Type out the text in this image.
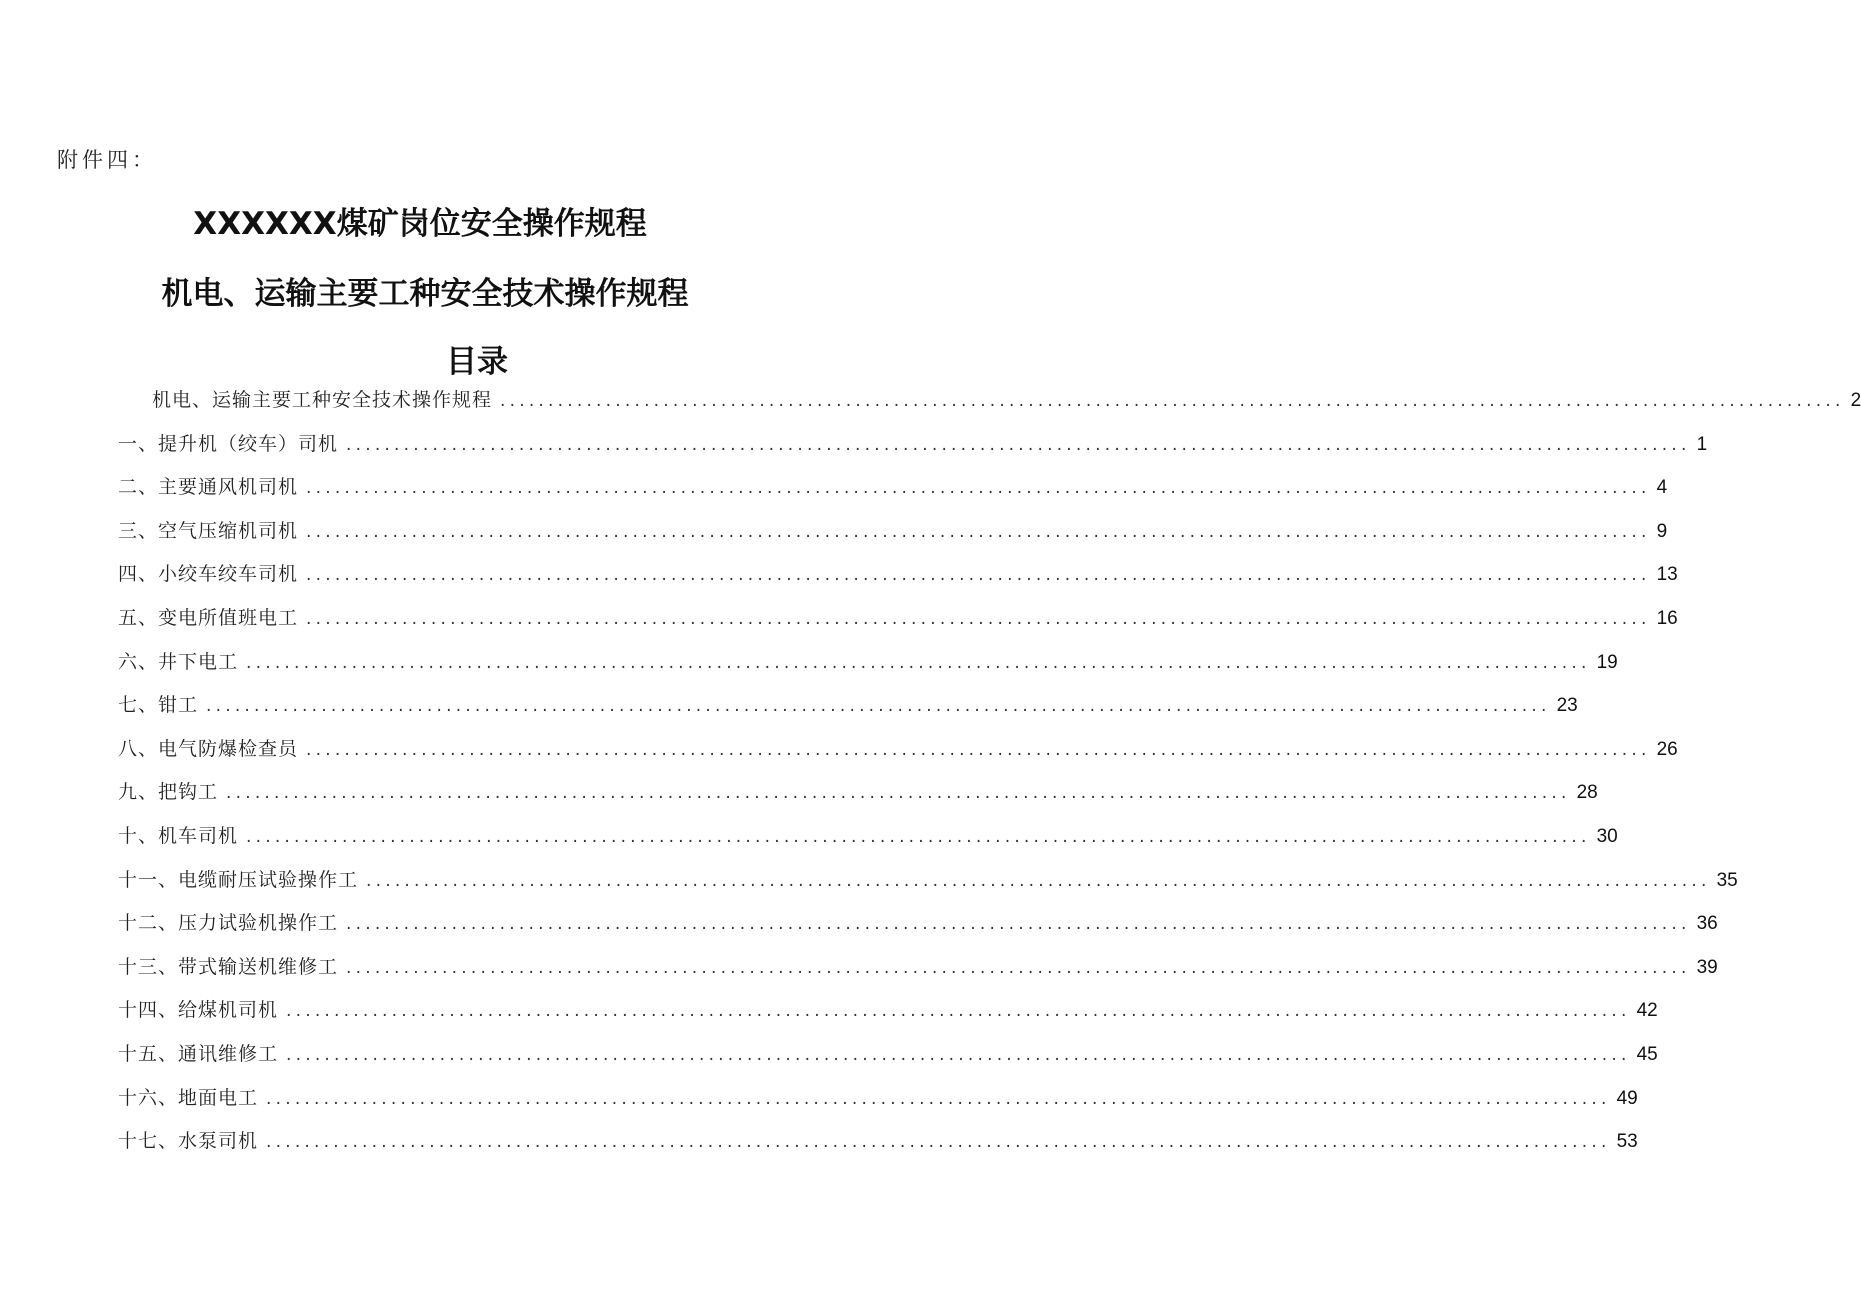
附件四：
XXXXXX煤矿岗位安全操作规程
机电、运输主要工种安全技术操作规程
目录
机电、运输主要工种安全技术操作规程 ............................................................................................................................................ 2
一、提升机（绞车）司机 ............................................................................................................................................ 1
二、主要通风机司机 ............................................................................................................................................ 4
三、空气压缩机司机 ............................................................................................................................................ 9
四、小绞车绞车司机 ............................................................................................................................................ 13
五、变电所值班电工 ............................................................................................................................................ 16
六、井下电工 ............................................................................................................................................ 19
七、钳工 ............................................................................................................................................ 23
八、电气防爆检查员 ............................................................................................................................................ 26
九、把钩工 ............................................................................................................................................ 28
十、机车司机 ............................................................................................................................................ 30
十一、电缆耐压试验操作工 ............................................................................................................................................ 35
十二、压力试验机操作工 ............................................................................................................................................ 36
十三、带式输送机维修工 ............................................................................................................................................ 39
十四、给煤机司机 ............................................................................................................................................ 42
十五、通讯维修工 ............................................................................................................................................ 45
十六、地面电工 ............................................................................................................................................ 49
十七、水泵司机 ............................................................................................................................................ 53
